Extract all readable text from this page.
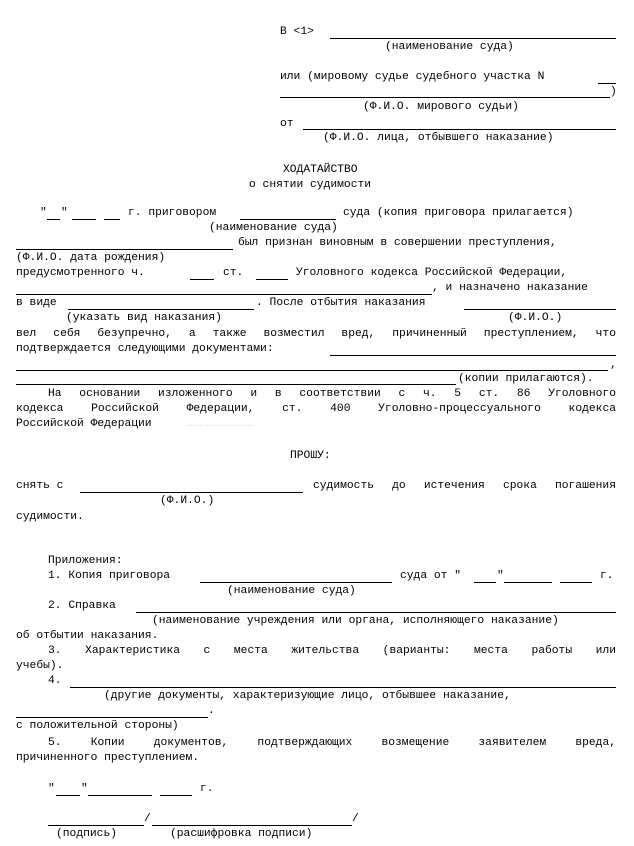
В <1>
(наименование суда)
или (мировому судье судебного участка N
)
(Ф.И.О. мирового судьи)
от
(Ф.И.О. лица, отбывшего наказание)
ХОДАТАЙСТВО
о снятии судимости
" "	г. приговором	суда (копия приговора прилагается)
(наименование суда)
был признан виновным в совершении преступления,
(Ф.И.О. дата рождения)
предусмотренного ч.	ст.	Уголовного кодекса Российской Федерации,
, и назначено наказание
в виде	. После отбытия наказания
(указать вид наказания)	(Ф.И.О.)
вел себя безупречно, а также возместил вред, причиненный преступлением, что
подтверждается следующими документами:
,
(копии прилагаются).
На основании изложенного и в соответствии с ч. 5 ст. 86 Уголовного
кодекса Российской Федерации, ст. 400 Уголовно-процессуального кодекса
Российской Федерации	…………………………
ПРОШУ:
снять с	судимость до истечения срока погашения
(Ф.И.О.)
судимости.
Приложения:
1. Копия приговора	суда от "	"	г.
(наименование суда)
2. Справка
(наименование учреждения или органа, исполняющего наказание)
об отбытии наказания.
3. Характеристика с места жительства (варианты: места работы или
учебы).
4.
(другие документы, характеризующие лицо, отбывшее наказание,
.
с положительной стороны)
5. Копии документов, подтверждающих возмещение заявителем вреда,
причиненного преступлением.
" "	г.
/	/
(подпись)	(расшифровка подписи)
